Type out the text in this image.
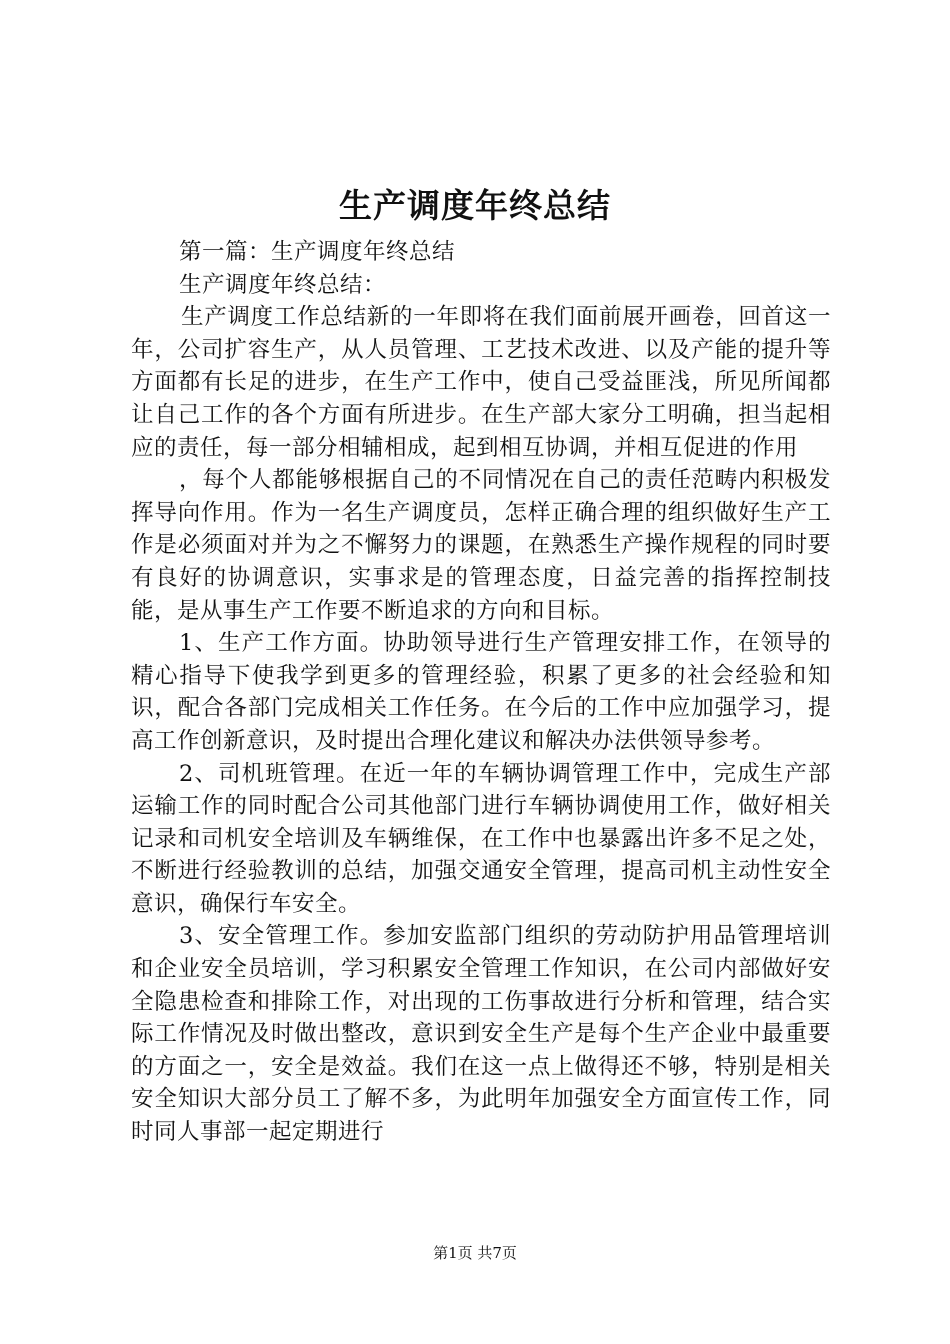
生产调度年终总结

第一篇：生产调度年终总结

生产调度年终总结：

生产调度工作总结新的一年即将在我们面前展开画卷，回首这一年，公司扩容生产，从人员管理、工艺技术改进、以及产能的提升等方面都有长足的进步，在生产工作中，使自己受益匪浅，所见所闻都让自己工作的各个方面有所进步。在生产部大家分工明确，担当起相应的责任，每一部分相辅相成，起到相互协调，并相互促进的作用

，每个人都能够根据自己的不同情况在自己的责任范畴内积极发挥导向作用。作为一名生产调度员，怎样正确合理的组织做好生产工作是必须面对并为之不懈努力的课题，在熟悉生产操作规程的同时要有良好的协调意识，实事求是的管理态度，日益完善的指挥控制技能，是从事生产工作要不断追求的方向和目标。

1、生产工作方面。协助领导进行生产管理安排工作，在领导的精心指导下使我学到更多的管理经验，积累了更多的社会经验和知识，配合各部门完成相关工作任务。在今后的工作中应加强学习，提高工作创新意识，及时提出合理化建议和解决办法供领导参考。

2、司机班管理。在近一年的车辆协调管理工作中，完成生产部运输工作的同时配合公司其他部门进行车辆协调使用工作，做好相关记录和司机安全培训及车辆维保，在工作中也暴露出许多不足之处，不断进行经验教训的总结，加强交通安全管理，提高司机主动性安全意识，确保行车安全。

3、安全管理工作。参加安监部门组织的劳动防护用品管理培训和企业安全员培训，学习积累安全管理工作知识，在公司内部做好安全隐患检查和排除工作，对出现的工伤事故进行分析和管理，结合实际工作情况及时做出整改，意识到安全生产是每个生产企业中最重要的方面之一，安全是效益。我们在这一点上做得还不够，特别是相关安全知识大部分员工了解不多，为此明年加强安全方面宣传工作，同时同人事部一起定期进行

第1页 共7页
